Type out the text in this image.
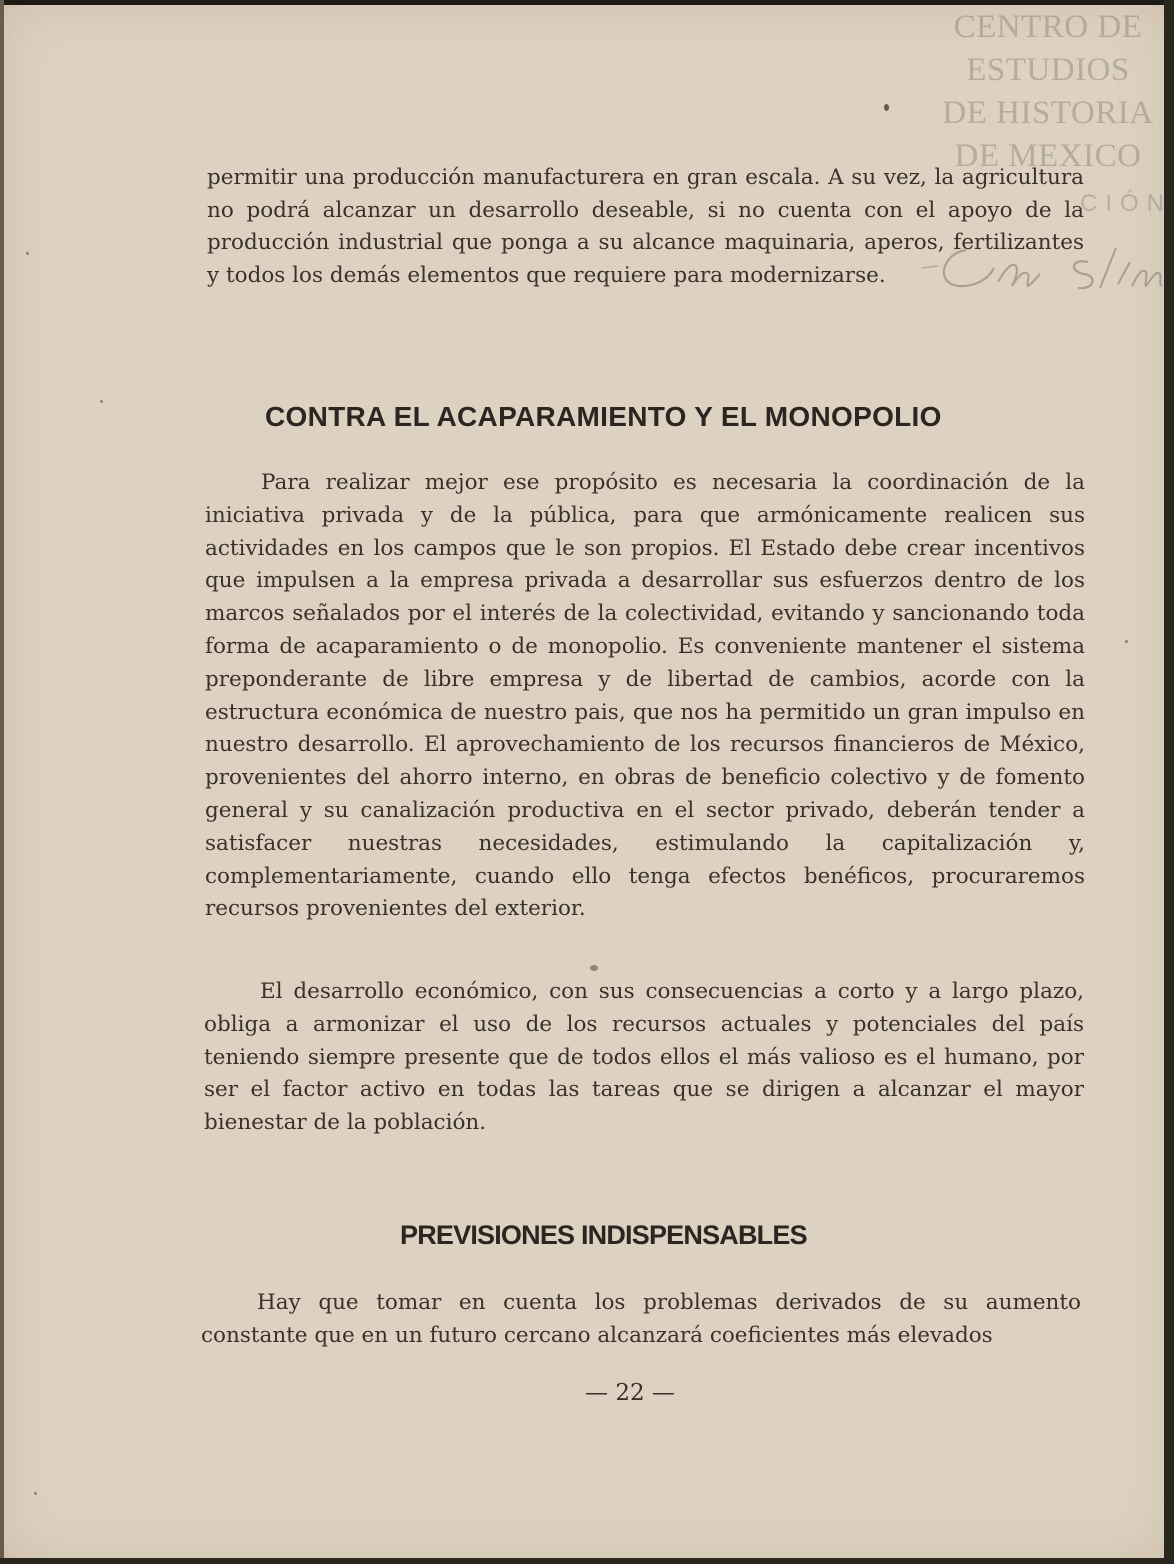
CENTRO DE
ESTUDIOS
DE HISTORIA
DE MEXICO
CIÓN
permitir una producción manufacturera en gran escala. A su vez, la agricultura no podrá alcanzar un desarrollo deseable, si no cuenta con el apoyo de la producción industrial que ponga a su alcance maquinaria, aperos, fertilizantes y todos los demás elementos que requiere para modernizarse.
CONTRA EL ACAPARAMIENTO Y EL MONOPOLIO
Para realizar mejor ese propósito es necesaria la coordinación de la iniciativa privada y de la pública, para que armónicamente realicen sus actividades en los campos que le son propios. El Estado debe crear incentivos que impulsen a la empresa privada a desarrollar sus esfuerzos dentro de los marcos señalados por el interés de la colectividad, evitando y sancionando toda forma de acaparamiento o de monopolio. Es conveniente mantener el sistema preponderante de libre empresa y de libertad de cambios, acorde con la estructura económica de nuestro pais, que nos ha permitido un gran impulso en nuestro desarrollo. El aprovechamiento de los recursos financieros de México, provenientes del ahorro interno, en obras de beneficio colectivo y de fomento general y su canalización productiva en el sector privado, deberán tender a satisfacer nuestras necesidades, estimulando la capitalización y, complementariamente, cuando ello tenga efectos benéficos, procuraremos recursos provenientes del exterior.
El desarrollo económico, con sus consecuencias a corto y a largo plazo, obliga a armonizar el uso de los recursos actuales y potenciales del país teniendo siempre presente que de todos ellos el más valioso es el humano, por ser el factor activo en todas las tareas que se dirigen a alcanzar el mayor bienestar de la población.
PREVISIONES INDISPENSABLES
Hay que tomar en cuenta los problemas derivados de su aumento constante que en un futuro cercano alcanzará coeficientes más elevados
— 22 —
